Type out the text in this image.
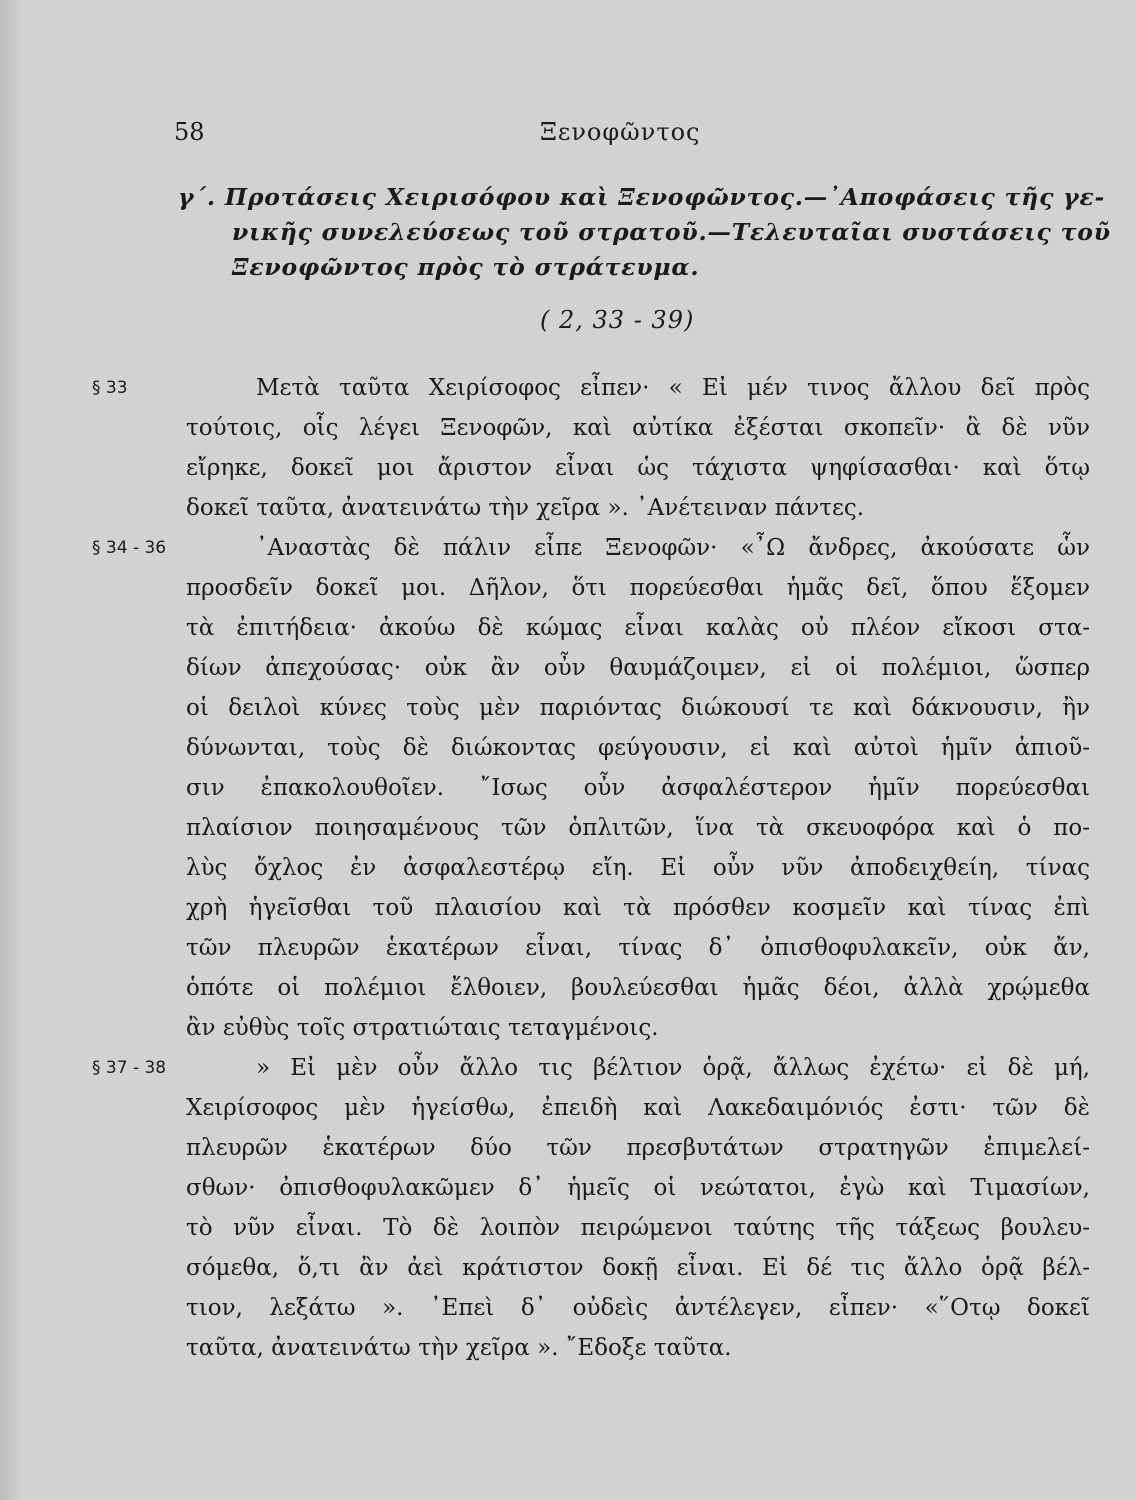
58	Ξενοφῶντος
γ΄. Προτάσεις Χειρισόφου καὶ Ξενοφῶντος.—᾿Αποφάσεις τῆς γε-
νικῆς συνελεύσεως τοῦ στρατοῦ.—Τελευταῖαι συστάσεις τοῦ
Ξενοφῶντος πρὸς τὸ στράτευμα.
( 2, 33 - 39)
§ 33	Μετὰ ταῦτα Χειρίσοφος εἶπεν· « Εἰ μέν τινος ἄλλου δεῖ πρὸς
τούτοις, οἷς λέγει Ξενοφῶν, καὶ αὐτίκα ἐξέσται σκοπεῖν· ἃ δὲ νῦν
εἴρηκε, δοκεῖ μοι ἄριστον εἶναι ὡς τάχιστα ψηφίσασθαι· καὶ ὅτῳ
δοκεῖ ταῦτα, ἀνατεινάτω τὴν χεῖρα ». ᾿Ανέτειναν πάντες.
§ 34 - 36	᾿Αναστὰς δὲ πάλιν εἶπε Ξενοφῶν· «῏Ω ἄνδρες, ἀκούσατε ὧν
προσδεῖν δοκεῖ μοι. Δῆλον, ὅτι πορεύεσθαι ἡμᾶς δεῖ, ὅπου ἕξομεν
τὰ ἐπιτήδεια· ἀκούω δὲ κώμας εἶναι καλὰς οὐ πλέον εἴκοσι στα-
δίων ἀπεχούσας· οὐκ ἂν οὖν θαυμάζοιμεν, εἰ οἱ πολέμιοι, ὥσπερ
οἱ δειλοὶ κύνες τοὺς μὲν παριόντας διώκουσί τε καὶ δάκνουσιν, ἢν
δύνωνται, τοὺς δὲ διώκοντας φεύγουσιν, εἰ καὶ αὐτοὶ ἡμῖν ἀπιοῦ-
σιν ἐπακολουθοῖεν. ῎Ισως οὖν ἀσφαλέστερον ἡμῖν πορεύεσθαι
πλαίσιον ποιησαμένους τῶν ὁπλιτῶν, ἵνα τὰ σκευοφόρα καὶ ὁ πο-
λὺς ὄχλος ἐν ἀσφαλεστέρῳ εἴη. Εἰ οὖν νῦν ἀποδειχθείη, τίνας
χρὴ ἡγεῖσθαι τοῦ πλαισίου καὶ τὰ πρόσθεν κοσμεῖν καὶ τίνας ἐπὶ
τῶν πλευρῶν ἑκατέρων εἶναι, τίνας δ᾿ ὀπισθοφυλακεῖν, οὐκ ἄν,
ὁπότε οἱ πολέμιοι ἔλθοιεν, βουλεύεσθαι ἡμᾶς δέοι, ἀλλὰ χρῴμεθα
ἂν εὐθὺς τοῖς στρατιώταις τεταγμένοις.
§ 37 - 38	» Εἰ μὲν οὖν ἄλλο τις βέλτιον ὁρᾷ, ἄλλως ἐχέτω· εἰ δὲ μή,
Χειρίσοφος μὲν ἡγείσθω, ἐπειδὴ καὶ Λακεδαιμόνιός ἐστι· τῶν δὲ
πλευρῶν ἑκατέρων δύο τῶν πρεσβυτάτων στρατηγῶν ἐπιμελεί-
σθων· ὀπισθοφυλακῶμεν δ᾿ ἡμεῖς οἱ νεώτατοι, ἐγὼ καὶ Τιμασίων,
τὸ νῦν εἶναι. Τὸ δὲ λοιπὸν πειρώμενοι ταύτης τῆς τάξεως βουλευ-
σόμεθα, ὅ,τι ἂν ἀεὶ κράτιστον δοκῇ εἶναι. Εἰ δέ τις ἄλλο ὁρᾷ βέλ-
τιον, λεξάτω ». ᾿Επεὶ δ᾿ οὐδεὶς ἀντέλεγεν, εἶπεν· «῞Οτῳ δοκεῖ
ταῦτα, ἀνατεινάτω τὴν χεῖρα ». ῎Εδοξε ταῦτα.
